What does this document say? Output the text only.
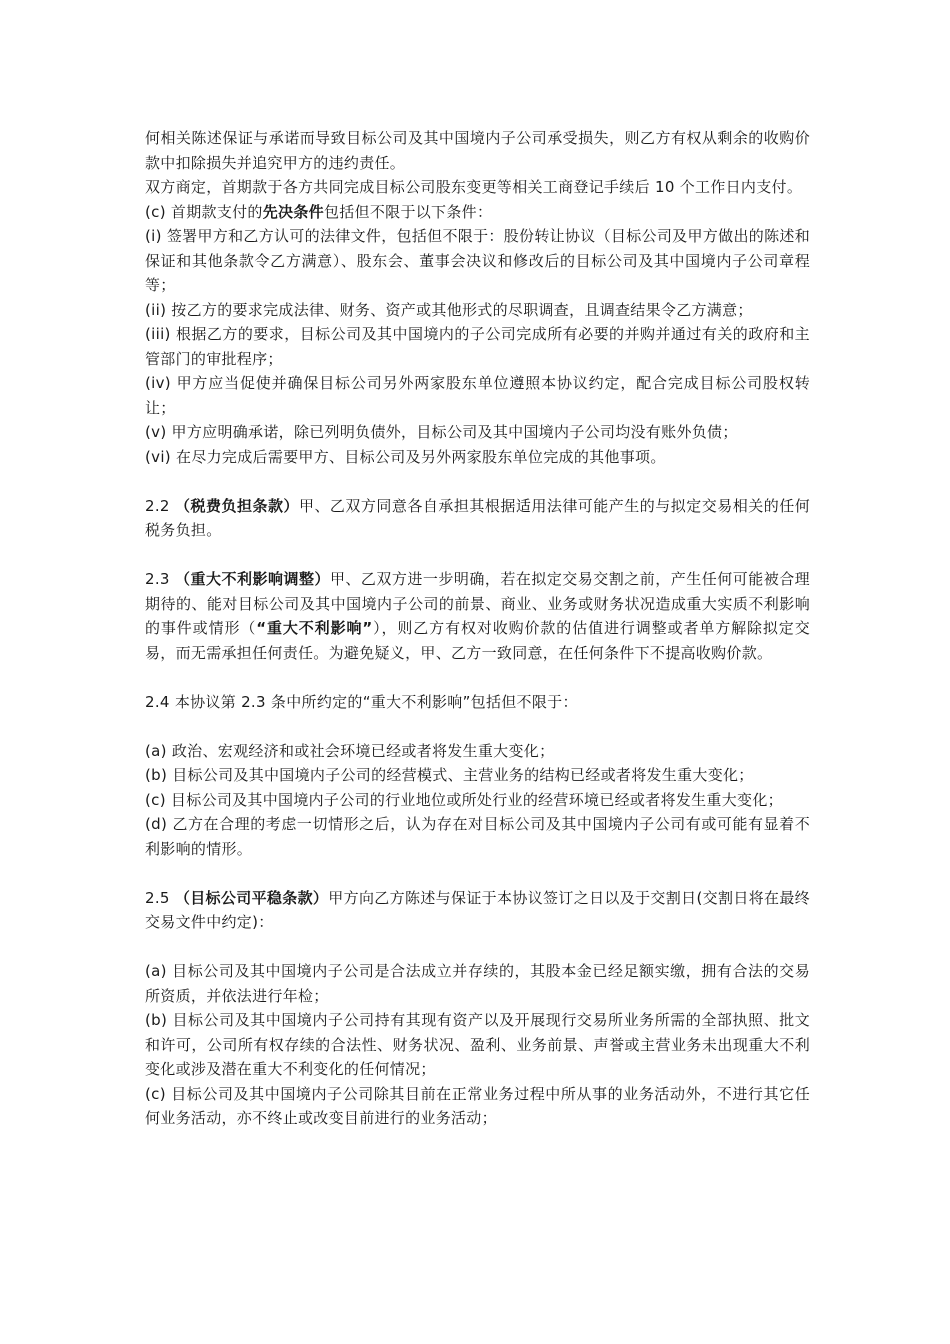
何相关陈述保证与承诺而导致目标公司及其中国境内子公司承受损失，则乙方有权从剩余的收购价款中扣除损失并追究甲方的违约责任。

双方商定，首期款于各方共同完成目标公司股东变更等相关工商登记手续后 10 个工作日内支付。

(c) 首期款支付的先决条件包括但不限于以下条件：

(i) 签署甲方和乙方认可的法律文件，包括但不限于：股份转让协议（目标公司及甲方做出的陈述和保证和其他条款令乙方满意）、股东会、董事会决议和修改后的目标公司及其中国境内子公司章程等；

(ii) 按乙方的要求完成法律、财务、资产或其他形式的尽职调查，且调查结果令乙方满意；

(iii) 根据乙方的要求，目标公司及其中国境内的子公司完成所有必要的并购并通过有关的政府和主管部门的审批程序；

(iv) 甲方应当促使并确保目标公司另外两家股东单位遵照本协议约定，配合完成目标公司股权转让；

(v) 甲方应明确承诺，除已列明负债外，目标公司及其中国境内子公司均没有账外负债；

(vi) 在尽力完成后需要甲方、目标公司及另外两家股东单位完成的其他事项。

2.2 （税费负担条款）甲、乙双方同意各自承担其根据适用法律可能产生的与拟定交易相关的任何税务负担。

2.3 （重大不利影响调整）甲、乙双方进一步明确，若在拟定交易交割之前，产生任何可能被合理期待的、能对目标公司及其中国境内子公司的前景、商业、业务或财务状况造成重大实质不利影响的事件或情形（“重大不利影响”），则乙方有权对收购价款的估值进行调整或者单方解除拟定交易，而无需承担任何责任。为避免疑义，甲、乙方一致同意，在任何条件下不提高收购价款。

2.4 本协议第 2.3 条中所约定的“重大不利影响”包括但不限于：

(a) 政治、宏观经济和或社会环境已经或者将发生重大变化；

(b) 目标公司及其中国境内子公司的经营模式、主营业务的结构已经或者将发生重大变化；

(c) 目标公司及其中国境内子公司的行业地位或所处行业的经营环境已经或者将发生重大变化；

(d) 乙方在合理的考虑一切情形之后，认为存在对目标公司及其中国境内子公司有或可能有显着不利影响的情形。

2.5 （目标公司平稳条款）甲方向乙方陈述与保证于本协议签订之日以及于交割日(交割日将在最终交易文件中约定)：

(a) 目标公司及其中国境内子公司是合法成立并存续的，其股本金已经足额实缴，拥有合法的交易所资质，并依法进行年检；

(b) 目标公司及其中国境内子公司持有其现有资产以及开展现行交易所业务所需的全部执照、批文和许可，公司所有权存续的合法性、财务状况、盈利、业务前景、声誉或主营业务未出现重大不利变化或涉及潜在重大不利变化的任何情况；

(c) 目标公司及其中国境内子公司除其目前在正常业务过程中所从事的业务活动外，不进行其它任何业务活动，亦不终止或改变目前进行的业务活动；
